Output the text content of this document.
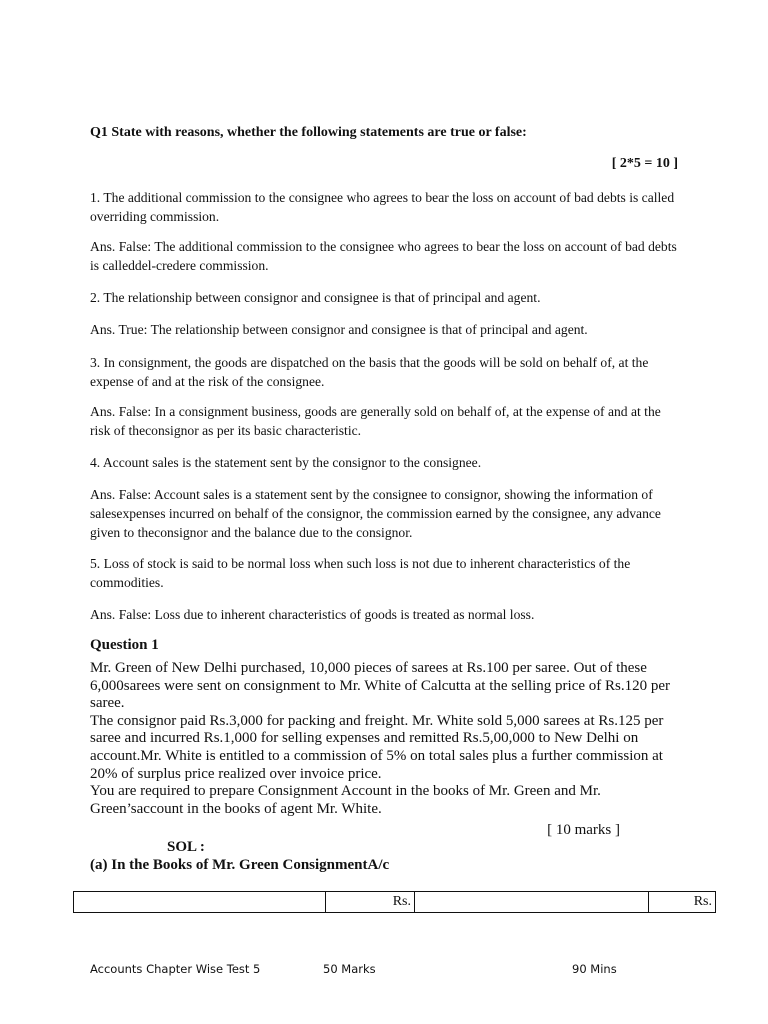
Q1 State with reasons, whether the following statements are true or false:
[ 2*5 = 10 ]
1. The additional commission to the consignee who agrees to bear the loss on account of bad debts is called overriding commission.
Ans. False: The additional commission to the consignee who agrees to bear the loss on account of bad debts is calleddel-credere commission.
2. The relationship between consignor and consignee is that of principal and agent.
Ans. True: The relationship between consignor and consignee is that of principal and agent.
3. In consignment, the goods are dispatched on the basis that the goods will be sold on behalf of, at the expense of and at the risk of the consignee.
Ans. False: In a consignment business, goods are generally sold on behalf of, at the expense of and at the risk of theconsignor as per its basic characteristic.
4. Account sales is the statement sent by the consignor to the consignee.
Ans. False: Account sales is a statement sent by the consignee to consignor, showing the information of salesexpenses incurred on behalf of the consignor, the commission earned by the consignee, any advance given to theconsignor and the balance due to the consignor.
5. Loss of stock is said to be normal loss when such loss is not due to inherent characteristics of the commodities.
Ans. False: Loss due to inherent characteristics of goods is treated as normal loss.
Question 1

Mr. Green of New Delhi purchased, 10,000 pieces of sarees at Rs.100 per saree. Out of these 6,000sarees were sent on consignment to Mr. White of Calcutta at the selling price of Rs.120 per saree.

The consignor paid Rs.3,000 for packing and freight. Mr. White sold 5,000 sarees at Rs.125 per saree and incurred Rs.1,000 for selling expenses and remitted Rs.5,00,000 to New Delhi on account.Mr. White is entitled to a commission of 5% on total sales plus a further commission at 20% of surplus price realized over invoice price.

You are required to prepare Consignment Account in the books of Mr. Green and Mr. Green’saccount in the books of agent Mr. White.

[ 10 marks ]
SOL :
(a) In the Books of Mr. Green ConsignmentA/c
	Rs.		Rs.
Accounts Chapter Wise Test 5	50 Marks	90 Mins
